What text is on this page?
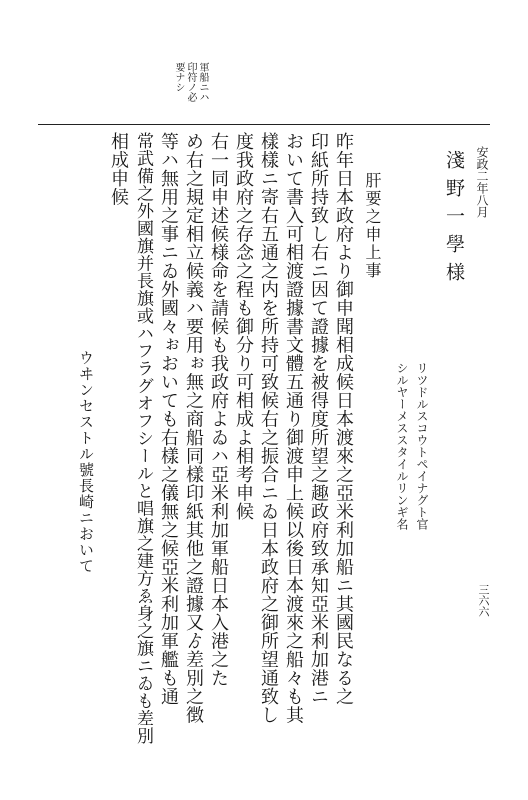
軍船ニハ
印符ノ必
要ナシ
安政二年八月
淺野一學様
リツドルスコウトペイナグト官
シルヤーメススタイルリンギ名
肝要之申上事
昨年日本政府より御申聞相成候日本渡來之亞米利加船ニ其國民なる之
印紙所持致し右ニ因て證據を被得度所望之趣政府致承知亞米利加港ニ
おいて書入可相渡證據書文體五通り御渡申上候以後日本渡來之船々も其
樣樣ニ寄右五通之内を所持可致候右之振合ニゐ日本政府之御所望通致し
度我政府之存念之程も御分り可相成よ相考申候
右一同申述候様命を請候も我政府よゐハ亞米利加軍船日本入港之た
め右之規定相立候義ハ要用ぉ無之商船同樣印紙其他之證據又ゟ差別之徴
等ハ無用之事ニゐ外國々ぉおいても右樣之儀無之候亞米利加軍艦も通
常武備之外國旗并長旗或ハフラグオフシールと唱旗之建方ゑ身之旗ニゐも差別
相成申候
ウヰンセストル號長崎ニおいて
三六六
